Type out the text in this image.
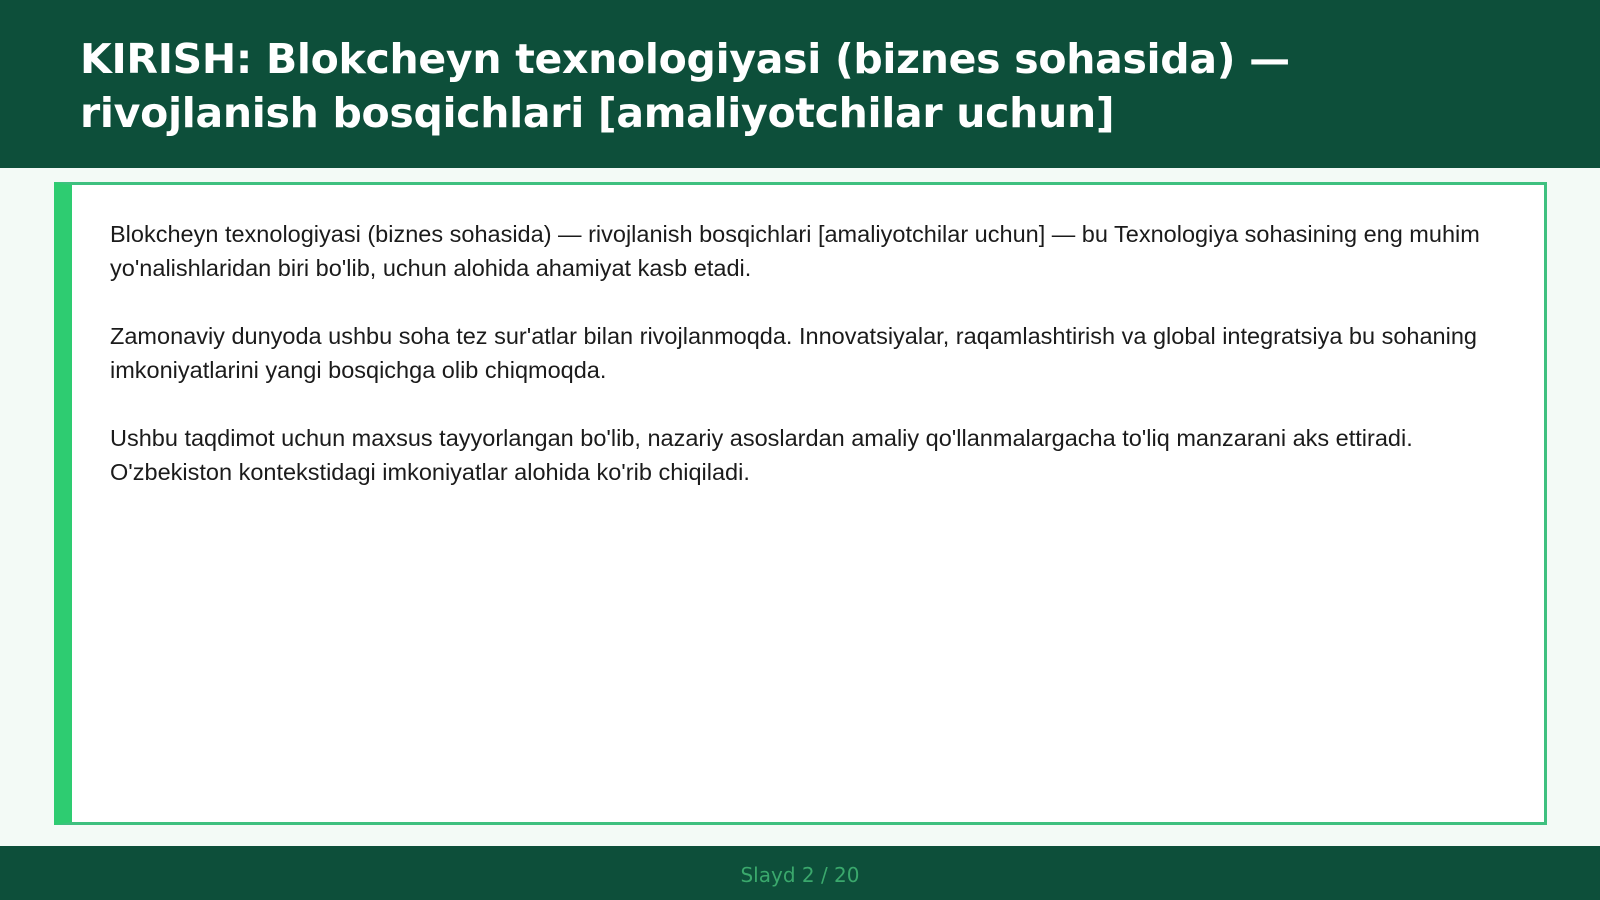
KIRISH: Blokcheyn texnologiyasi (biznes sohasida) — rivojlanish bosqichlari [amaliyotchilar uchun]

Blokcheyn texnologiyasi (biznes sohasida) — rivojlanish bosqichlari [amaliyotchilar uchun] — bu Texnologiya sohasining eng muhim yo'nalishlaridan biri bo'lib, uchun alohida ahamiyat kasb etadi.

Zamonaviy dunyoda ushbu soha tez sur'atlar bilan rivojlanmoqda. Innovatsiyalar, raqamlashtirish va global integratsiya bu sohaning imkoniyatlarini yangi bosqichga olib chiqmoqda.

Ushbu taqdimot uchun maxsus tayyorlangan bo'lib, nazariy asoslardan amaliy qo'llanmalargacha to'liq manzarani aks ettiradi. O'zbekiston kontekstidagi imkoniyatlar alohida ko'rib chiqiladi.

Slayd 2 / 20
